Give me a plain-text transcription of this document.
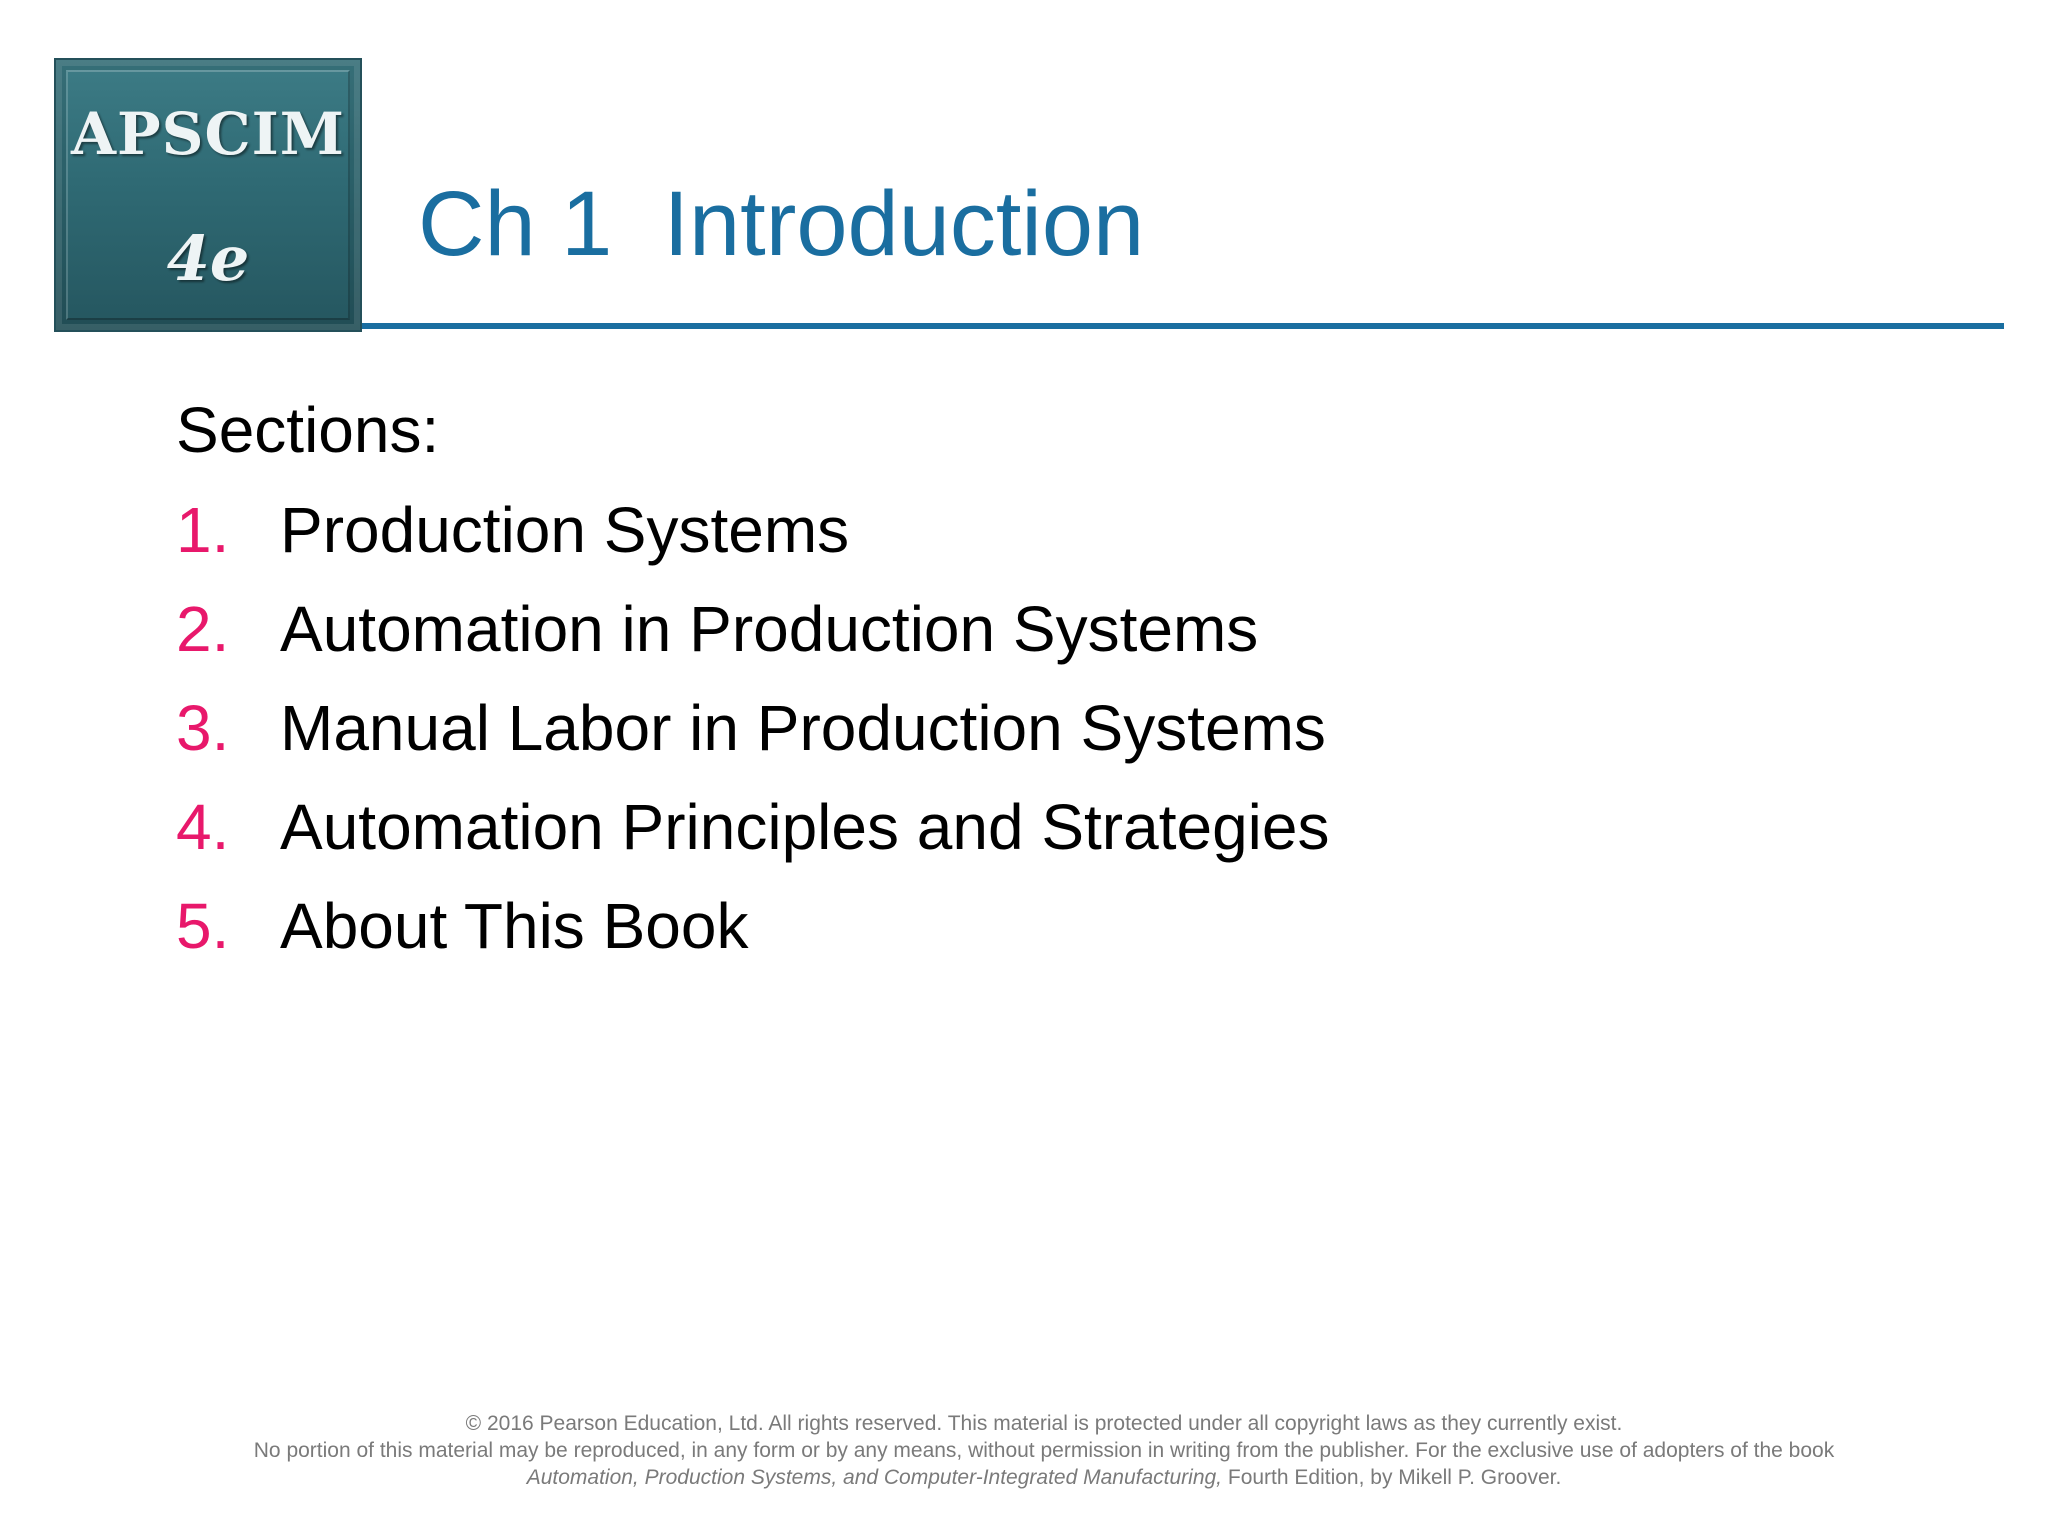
APSCIM
4e	Ch 1  Introduction
Sections:
1. Production Systems
2. Automation in Production Systems
3. Manual Labor in Production Systems
4. Automation Principles and Strategies
5. About This Book
© 2016 Pearson Education, Ltd. All rights reserved. This material is protected under all copyright laws as they currently exist.
No portion of this material may be reproduced, in any form or by any means, without permission in writing from the publisher. For the exclusive use of adopters of the book
Automation, Production Systems, and Computer-Integrated Manufacturing, Fourth Edition, by Mikell P. Groover.
